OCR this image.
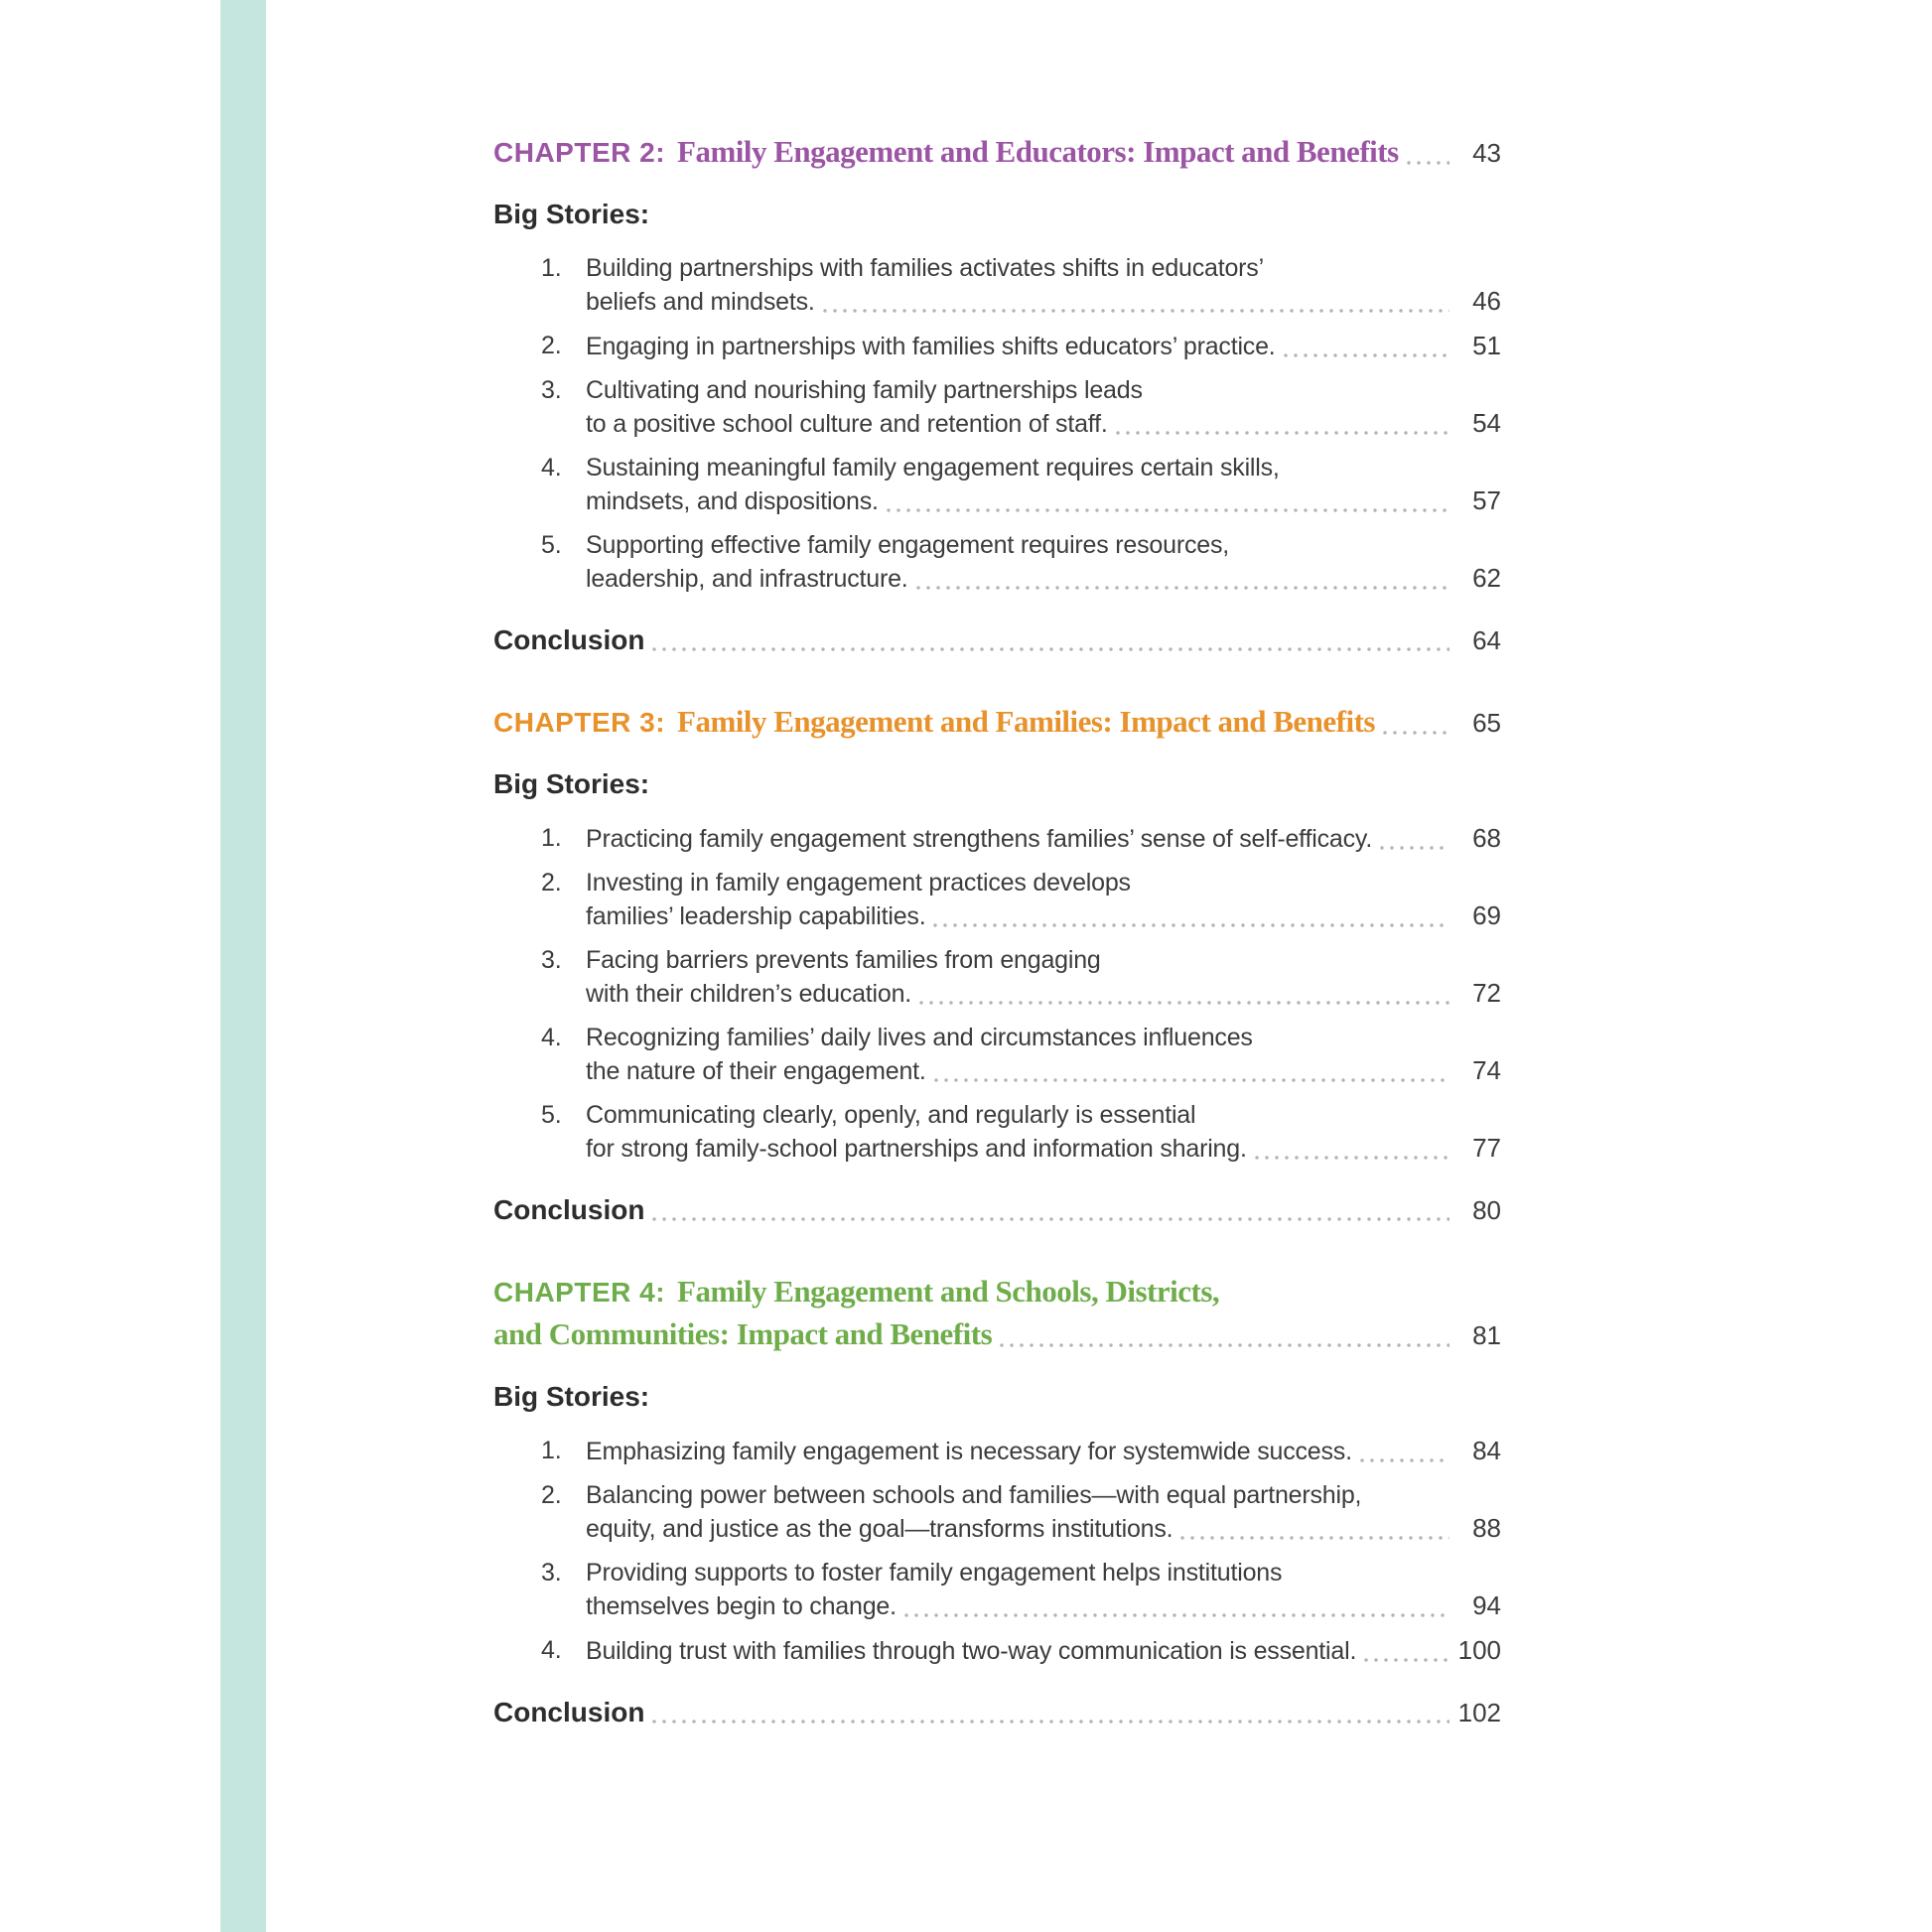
CHAPTER 2: Family Engagement and Educators: Impact and Benefits	43
Big Stories:
1. Building partnerships with families activates shifts in educators’
beliefs and mindsets.	46
2. Engaging in partnerships with families shifts educators’ practice.	51
3. Cultivating and nourishing family partnerships leads
to a positive school culture and retention of staff.	54
4. Sustaining meaningful family engagement requires certain skills,
mindsets, and dispositions.	57
5. Supporting effective family engagement requires resources,
leadership, and infrastructure.	62
Conclusion	64
CHAPTER 3: Family Engagement and Families: Impact and Benefits	65
Big Stories:
1. Practicing family engagement strengthens families’ sense of self-efficacy.	68
2. Investing in family engagement practices develops
families’ leadership capabilities.	69
3. Facing barriers prevents families from engaging
with their children’s education.	72
4. Recognizing families’ daily lives and circumstances influences
the nature of their engagement.	74
5. Communicating clearly, openly, and regularly is essential
for strong family-school partnerships and information sharing.	77
Conclusion	80
CHAPTER 4: Family Engagement and Schools, Districts,
and Communities: Impact and Benefits	81
Big Stories:
1. Emphasizing family engagement is necessary for systemwide success.	84
2. Balancing power between schools and families—with equal partnership,
equity, and justice as the goal—transforms institutions.	88
3. Providing supports to foster family engagement helps institutions
themselves begin to change.	94
4. Building trust with families through two-way communication is essential.	100
Conclusion	102
